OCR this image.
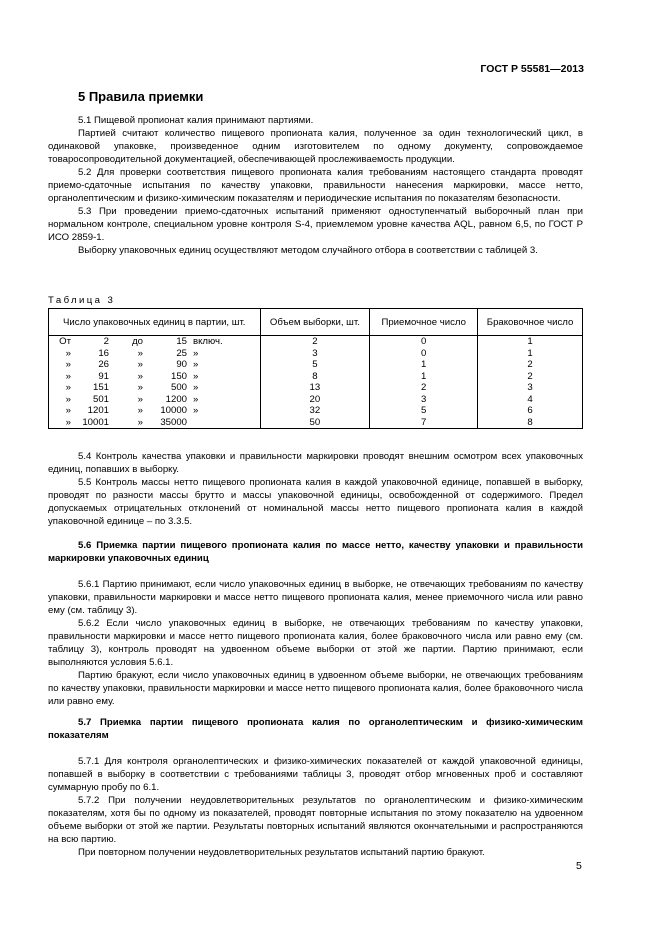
ГОСТ Р 55581—2013
5 Правила приемки

5.1 Пищевой пропионат калия принимают партиями.

Партией считают количество пищевого пропионата калия, полученное за один технологический цикл, в одинаковой упаковке, произведенное одним изготовителем по одному документу, сопровождаемое товаросопроводительной документацией, обеспечивающей прослеживаемость продукции.

5.2 Для проверки соответствия пищевого пропионата калия требованиям настоящего стандарта проводят приемо-сдаточные испытания по качеству упаковки, правильности нанесения маркировки, массе нетто, органолептическим и физико-химическим показателям и периодические испытания по показателям безопасности.

5.3 При проведении приемо-сдаточных испытаний применяют одноступенчатый выборочный план при нормальном контроле, специальном уровне контроля S-4, приемлемом уровне качества AQL, равном 6,5, по ГОСТ Р ИСО 2859-1.

Выборку упаковочных единиц осуществляют методом случайного отбора в соответствии с таблицей 3.

Таблица 3
Число упаковочных единиц в партии, шт.	Объем выборки, шт.	Приемочное число	Браковочное число
От 2 до 15 включ.	2	0	1
» 16 » 25 »	3	0	1
» 26 » 90 »	5	1	2
» 91 » 150 »	8	1	2
» 151 » 500 »	13	2	3
» 501 » 1200 »	20	3	4
» 1201 » 10000 »	32	5	6
» 10001 » 35000	50	7	8

5.4 Контроль качества упаковки и правильности маркировки проводят внешним осмотром всех упаковочных единиц, попавших в выборку.

5.5 Контроль массы нетто пищевого пропионата калия в каждой упаковочной единице, попавшей в выборку, проводят по разности массы брутто и массы упаковочной единицы, освобожденной от содержимого. Предел допускаемых отрицательных отклонений от номинальной массы нетто пищевого пропионата калия в каждой упаковочной единице – по 3.3.5.

5.6 Приемка партии пищевого пропионата калия по массе нетто, качеству упаковки и правильности маркировки упаковочных единиц

5.6.1 Партию принимают, если число упаковочных единиц в выборке, не отвечающих требованиям по качеству упаковки, правильности маркировки и массе нетто пищевого пропионата калия, менее приемочного числа или равно ему (см. таблицу 3).

5.6.2 Если число упаковочных единиц в выборке, не отвечающих требованиям по качеству упаковки, правильности маркировки и массе нетто пищевого пропионата калия, более браковочного числа или равно ему (см. таблицу 3), контроль проводят на удвоенном объеме выборки от этой же партии. Партию принимают, если выполняются условия 5.6.1.

Партию бракуют, если число упаковочных единиц в удвоенном объеме выборки, не отвечающих требованиям по качеству упаковки, правильности маркировки и массе нетто пищевого пропионата калия, более браковочного числа или равно ему.

5.7 Приемка партии пищевого пропионата калия по органолептическим и физико-химическим показателям

5.7.1 Для контроля органолептических и физико-химических показателей от каждой упаковочной единицы, попавшей в выборку в соответствии с требованиями таблицы 3, проводят отбор мгновенных проб и составляют суммарную пробу по 6.1.

5.7.2 При получении неудовлетворительных результатов по органолептическим и физико-химическим показателям, хотя бы по одному из показателей, проводят повторные испытания по этому показателю на удвоенном объеме выборки от этой же партии. Результаты повторных испытаний являются окончательными и распространяются на всю партию.

При повторном получении неудовлетворительных результатов испытаний партию бракуют.

5
